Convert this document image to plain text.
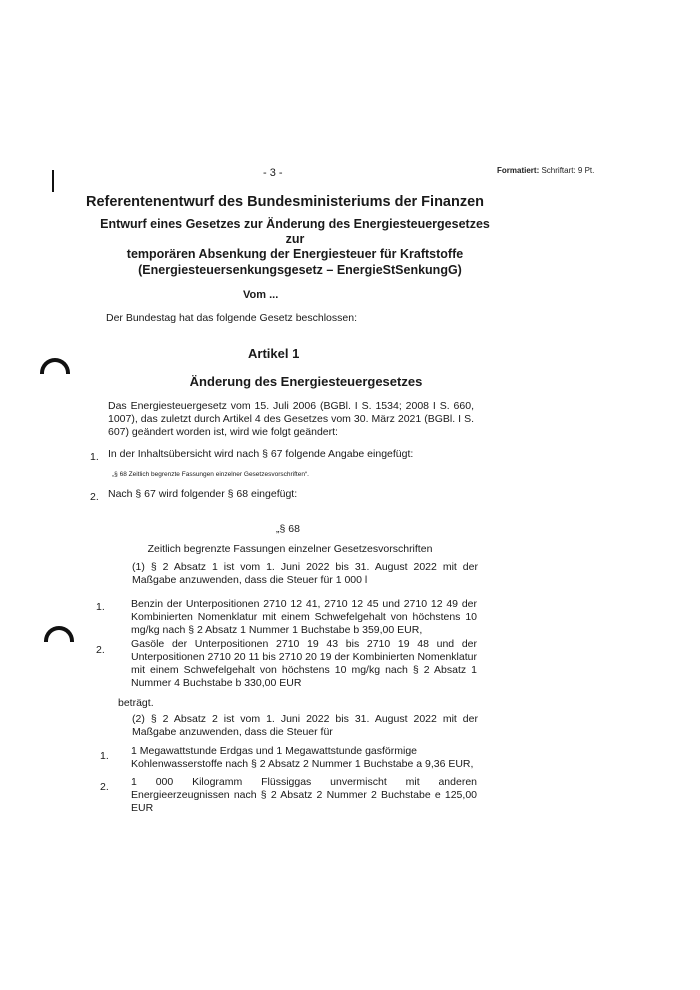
- 3 -	Formatiert: Schriftart: 9 Pt.
Referentenentwurf des Bundesministeriums der Finanzen
Entwurf eines Gesetzes zur Änderung des Energiesteuergesetzes zur
temporären Absenkung der Energiesteuer für Kraftstoffe
(Energiesteuersenkungsgesetz – EnergieStSenkungG)
Vom ...
Der Bundestag hat das folgende Gesetz beschlossen:
Artikel 1
Änderung des Energiesteuergesetzes
Das Energiesteuergesetz vom 15. Juli 2006 (BGBl. I S. 1534; 2008 I S. 660, 1007), das zuletzt durch Artikel 4 des Gesetzes vom 30. März 2021 (BGBl. I S. 607) geändert worden ist, wird wie folgt geändert:
1. In der Inhaltsübersicht wird nach § 67 folgende Angabe eingefügt:
„§ 68 Zeitlich begrenzte Fassungen einzelner Gesetzesvorschriften“.
2. Nach § 67 wird folgender § 68 eingefügt:
„§ 68
Zeitlich begrenzte Fassungen einzelner Gesetzesvorschriften
(1) § 2 Absatz 1 ist vom 1. Juni 2022 bis 31. August 2022 mit der Maßgabe anzuwenden, dass die Steuer für 1 000 l
1. Benzin der Unterpositionen 2710 12 41, 2710 12 45 und 2710 12 49 der Kombinierten Nomenklatur mit einem Schwefelgehalt von höchstens 10 mg/kg nach § 2 Absatz 1 Nummer 1 Buchstabe b 359,00 EUR,
2. Gasöle der Unterpositionen 2710 19 43 bis 2710 19 48 und der Unterpositionen 2710 20 11 bis 2710 20 19 der Kombinierten Nomenklatur mit einem Schwefelgehalt von höchstens 10 mg/kg nach § 2 Absatz 1 Nummer 4 Buchstabe b 330,00 EUR
beträgt.
(2) § 2 Absatz 2 ist vom 1. Juni 2022 bis 31. August 2022 mit der Maßgabe anzuwenden, dass die Steuer für
1. 1 Megawattstunde Erdgas und 1 Megawattstunde gasförmige Kohlenwasserstoffe nach § 2 Absatz 2 Nummer 1 Buchstabe a 9,36 EUR,
2. 1 000 Kilogramm Flüssiggas unvermischt mit anderen Energieerzeugnissen nach § 2 Absatz 2 Nummer 2 Buchstabe e 125,00 EUR
